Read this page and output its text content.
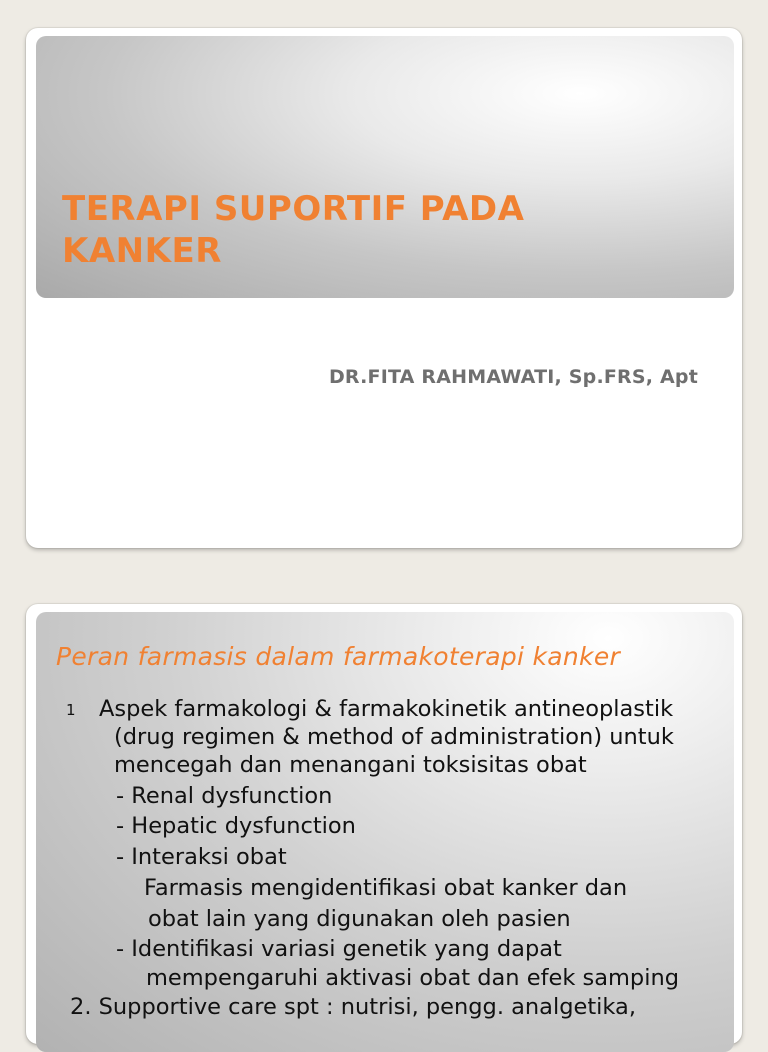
TERAPI SUPORTIF PADA
KANKER

DR.FITA RAHMAWATI, Sp.FRS, Apt

Peran farmasis dalam farmakoterapi kanker
1 Aspek farmakologi & farmakokinetik antineoplastik
(drug regimen & method of administration) untuk
mencegah dan menangani toksisitas obat
- Renal dysfunction
- Hepatic dysfunction
- Interaksi obat
Farmasis mengidentifikasi obat kanker dan
obat lain yang digunakan oleh pasien
- Identifikasi variasi genetik yang dapat
mempengaruhi aktivasi obat dan efek samping
2. Supportive care spt : nutrisi, pengg. analgetika,
